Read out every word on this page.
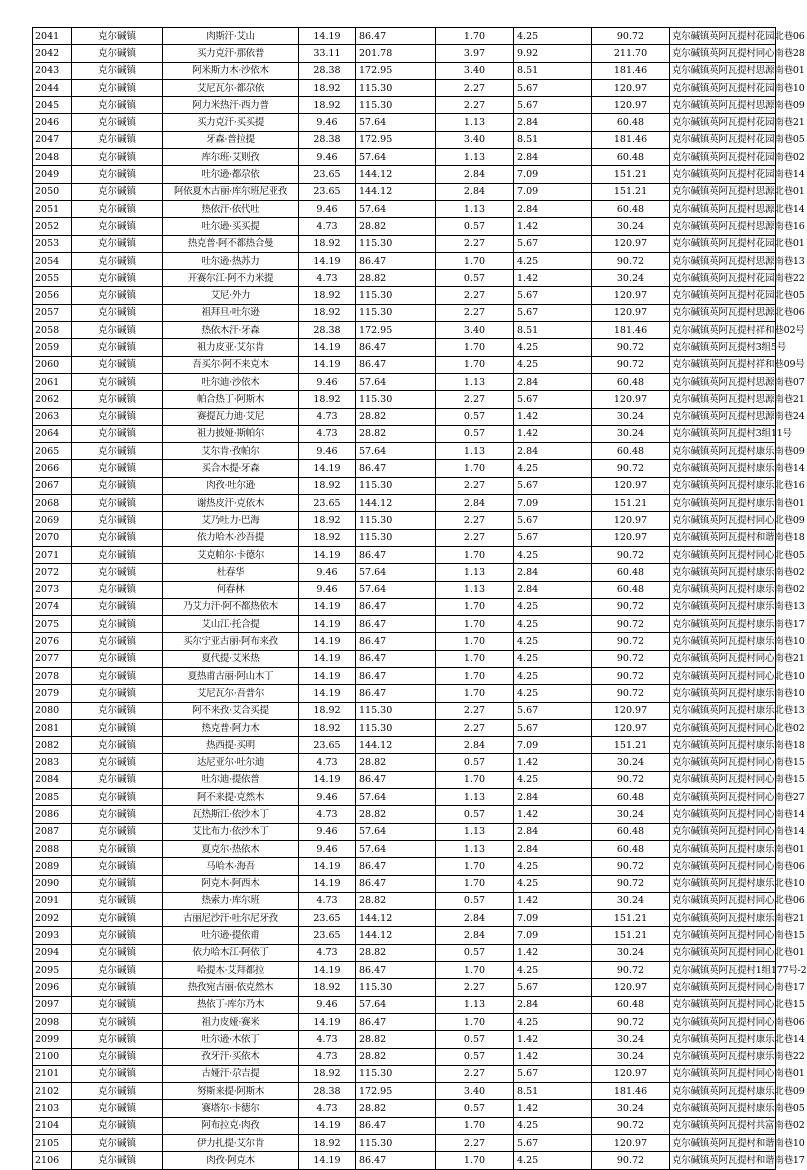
2041	克尔碱镇	肉斯汗·艾山	14.19	86.47	1.70	4.25	90.72	克尔碱镇英阿瓦提村花园北巷06
2042	克尔碱镇	买力克汗·那依普	33.11	201.78	3.97	9.92	211.70	克尔碱镇英阿瓦提村同心南巷28
2043	克尔碱镇	阿米斯力木·沙依木	28.38	172.95	3.40	8.51	181.46	克尔碱镇英阿瓦提村思源南巷01
2044	克尔碱镇	艾尼瓦尔·都尕依	18.92	115.30	2.27	5.67	120.97	克尔碱镇英阿瓦提村花园南巷10
2045	克尔碱镇	阿力米热汗·西力普	18.92	115.30	2.27	5.67	120.97	克尔碱镇英阿瓦提村思源南巷09
2046	克尔碱镇	买力克汗·买买提	9.46	57.64	1.13	2.84	60.48	克尔碱镇英阿瓦提村花园南巷21
2047	克尔碱镇	牙森·普拉提	28.38	172.95	3.40	8.51	181.46	克尔碱镇英阿瓦提村花园南巷05
2048	克尔碱镇	库尔班·艾则孜	9.46	57.64	1.13	2.84	60.48	克尔碱镇英阿瓦提村花园南巷02
2049	克尔碱镇	吐尔逊·都尕依	23.65	144.12	2.84	7.09	151.21	克尔碱镇英阿瓦提村花园南巷14
2050	克尔碱镇	阿依夏木古丽·库尔班尼亚孜	23.65	144.12	2.84	7.09	151.21	克尔碱镇英阿瓦提村思源北巷01
2051	克尔碱镇	热依汗·依代吐	9.46	57.64	1.13	2.84	60.48	克尔碱镇英阿瓦提村思源北巷14
2052	克尔碱镇	吐尔逊·买买提	4.73	28.82	0.57	1.42	30.24	克尔碱镇英阿瓦提村思源南巷16
2053	克尔碱镇	热克普·阿不都热合曼	18.92	115.30	2.27	5.67	120.97	克尔碱镇英阿瓦提村花园北巷01
2054	克尔碱镇	吐尔逊·热苏力	14.19	86.47	1.70	4.25	90.72	克尔碱镇英阿瓦提村思源南巷13
2055	克尔碱镇	开赛尔江·阿不力米提	4.73	28.82	0.57	1.42	30.24	克尔碱镇英阿瓦提村花园南巷22
2056	克尔碱镇	艾尼·外力	18.92	115.30	2.27	5.67	120.97	克尔碱镇英阿瓦提村花园北巷05
2057	克尔碱镇	祖拜旦·吐尔逊	18.92	115.30	2.27	5.67	120.97	克尔碱镇英阿瓦提村思源北巷06
2058	克尔碱镇	热依木汗·牙森	28.38	172.95	3.40	8.51	181.46	克尔碱镇英阿瓦提村祥和巷02号
2059	克尔碱镇	祖力皮亚·艾尔肯	14.19	86.47	1.70	4.25	90.72	克尔碱镇英阿瓦提村3组5号
2060	克尔碱镇	吾买尔·阿不来克木	14.19	86.47	1.70	4.25	90.72	克尔碱镇英阿瓦提村祥和巷09号
2061	克尔碱镇	吐尔迪·沙依木	9.46	57.64	1.13	2.84	60.48	克尔碱镇英阿瓦提村思源南巷07
2062	克尔碱镇	帕合热丁·阿斯木	18.92	115.30	2.27	5.67	120.97	克尔碱镇英阿瓦提村思源南巷21
2063	克尔碱镇	赛提瓦力迪·艾尼	4.73	28.82	0.57	1.42	30.24	克尔碱镇英阿瓦提村思源南巷24
2064	克尔碱镇	祖力披娅·斯帕尔	4.73	28.82	0.57	1.42	30.24	克尔碱镇英阿瓦提村3组11号
2065	克尔碱镇	艾尔肯·孜帕尔	9.46	57.64	1.13	2.84	60.48	克尔碱镇英阿瓦提村康乐南巷09
2066	克尔碱镇	买合木提·牙森	14.19	86.47	1.70	4.25	90.72	克尔碱镇英阿瓦提村康乐南巷14
2067	克尔碱镇	肉孜·吐尔逊	18.92	115.30	2.27	5.67	120.97	克尔碱镇英阿瓦提村康乐北巷16
2068	克尔碱镇	谢热皮汗·克依木	23.65	144.12	2.84	7.09	151.21	克尔碱镇英阿瓦提村康乐南巷01
2069	克尔碱镇	艾乃吐力·巴海	18.92	115.30	2.27	5.67	120.97	克尔碱镇英阿瓦提村同心北巷09
2070	克尔碱镇	依力哈木·沙吾提	18.92	115.30	2.27	5.67	120.97	克尔碱镇英阿瓦提村和谐南巷18
2071	克尔碱镇	艾克帕尔·卡德尔	14.19	86.47	1.70	4.25	90.72	克尔碱镇英阿瓦提村同心北巷05
2072	克尔碱镇	杜春华	9.46	57.64	1.13	2.84	60.48	克尔碱镇英阿瓦提村康乐南巷02
2073	克尔碱镇	何春林	9.46	57.64	1.13	2.84	60.48	克尔碱镇英阿瓦提村康乐南巷02
2074	克尔碱镇	乃艾力汗·阿不都热依木	14.19	86.47	1.70	4.25	90.72	克尔碱镇英阿瓦提村康乐南巷13
2075	克尔碱镇	艾山江·托合提	14.19	86.47	1.70	4.25	90.72	克尔碱镇英阿瓦提村康乐南巷17
2076	克尔碱镇	买尔宁亚古丽·阿布来孜	14.19	86.47	1.70	4.25	90.72	克尔碱镇英阿瓦提村康乐南巷10
2077	克尔碱镇	夏代提·艾米热	14.19	86.47	1.70	4.25	90.72	克尔碱镇英阿瓦提村同心南巷21
2078	克尔碱镇	夏热甫古丽·阿山木丁	14.19	86.47	1.70	4.25	90.72	克尔碱镇英阿瓦提村同心北巷10
2079	克尔碱镇	艾尼瓦尔·吾普尔	14.19	86.47	1.70	4.25	90.72	克尔碱镇英阿瓦提村康乐南巷10
2080	克尔碱镇	阿不来孜·艾合买提	18.92	115.30	2.27	5.67	120.97	克尔碱镇英阿瓦提村康乐北巷13
2081	克尔碱镇	热克普·阿力木	18.92	115.30	2.27	5.67	120.97	克尔碱镇英阿瓦提村同心北巷02
2082	克尔碱镇	热西提·买明	23.65	144.12	2.84	7.09	151.21	克尔碱镇英阿瓦提村康乐南巷18
2083	克尔碱镇	达尼亚尔·吐尔迪	4.73	28.82	0.57	1.42	30.24	克尔碱镇英阿瓦提村同心南巷15
2084	克尔碱镇	吐尔迪·提依普	14.19	86.47	1.70	4.25	90.72	克尔碱镇英阿瓦提村同心南巷15
2085	克尔碱镇	阿不来提·克然木	9.46	57.64	1.13	2.84	60.48	克尔碱镇英阿瓦提村同心南巷27
2086	克尔碱镇	瓦热斯江·依沙木丁	4.73	28.82	0.57	1.42	30.24	克尔碱镇英阿瓦提村同心南巷14
2087	克尔碱镇	艾比布力·依沙木丁	9.46	57.64	1.13	2.84	60.48	克尔碱镇英阿瓦提村同心南巷14
2088	克尔碱镇	夏克尔·热依木	9.46	57.64	1.13	2.84	60.48	克尔碱镇英阿瓦提村康乐南巷01
2089	克尔碱镇	马哈木·海吾	14.19	86.47	1.70	4.25	90.72	克尔碱镇英阿瓦提村同心南巷06
2090	克尔碱镇	阿克木·阿西木	14.19	86.47	1.70	4.25	90.72	克尔碱镇英阿瓦提村康乐北巷10
2091	克尔碱镇	热索力·库尔班	4.73	28.82	0.57	1.42	30.24	克尔碱镇英阿瓦提村同心北巷06
2092	克尔碱镇	古丽尼沙汗·吐尔尼牙孜	23.65	144.12	2.84	7.09	151.21	克尔碱镇英阿瓦提村康乐南巷21
2093	克尔碱镇	吐尔逊·提依甫	23.65	144.12	2.84	7.09	151.21	克尔碱镇英阿瓦提村同心南巷15
2094	克尔碱镇	依力哈木江·阿依丁	4.73	28.82	0.57	1.42	30.24	克尔碱镇英阿瓦提村同心北巷01
2095	克尔碱镇	哈提木·艾拜都拉	14.19	86.47	1.70	4.25	90.72	克尔碱镇英阿瓦提村1组177号-2
2096	克尔碱镇	热孜宛古丽·依克然木	18.92	115.30	2.27	5.67	120.97	克尔碱镇英阿瓦提村同心南巷17
2097	克尔碱镇	热依丁·库尔乃木	9.46	57.64	1.13	2.84	60.48	克尔碱镇英阿瓦提村同心北巷15
2098	克尔碱镇	祖力皮娅·赛米	14.19	86.47	1.70	4.25	90.72	克尔碱镇英阿瓦提村同心南巷06
2099	克尔碱镇	吐尔逊·木依丁	4.73	28.82	0.57	1.42	30.24	克尔碱镇英阿瓦提村康乐北巷14
2100	克尔碱镇	孜牙汗·买依木	4.73	28.82	0.57	1.42	30.24	克尔碱镇英阿瓦提村康乐南巷22
2101	克尔碱镇	古娅汗·尕吉提	18.92	115.30	2.27	5.67	120.97	克尔碱镇英阿瓦提村同心南巷01
2102	克尔碱镇	努斯来提·阿斯木	28.38	172.95	3.40	8.51	181.46	克尔碱镇英阿瓦提村康乐北巷09
2103	克尔碱镇	赛塔尔·卡德尔	4.73	28.82	0.57	1.42	30.24	克尔碱镇英阿瓦提村康乐南巷05
2104	克尔碱镇	阿布拉克·肉孜	14.19	86.47	1.70	4.25	90.72	克尔碱镇英阿瓦提村共富南巷02
2105	克尔碱镇	伊力扎提·艾尔肯	18.92	115.30	2.27	5.67	120.97	克尔碱镇英阿瓦提村和谐南巷10
2106	克尔碱镇	肉孜·阿克木	14.19	86.47	1.70	4.25	90.72	克尔碱镇英阿瓦提村和谐南巷17
